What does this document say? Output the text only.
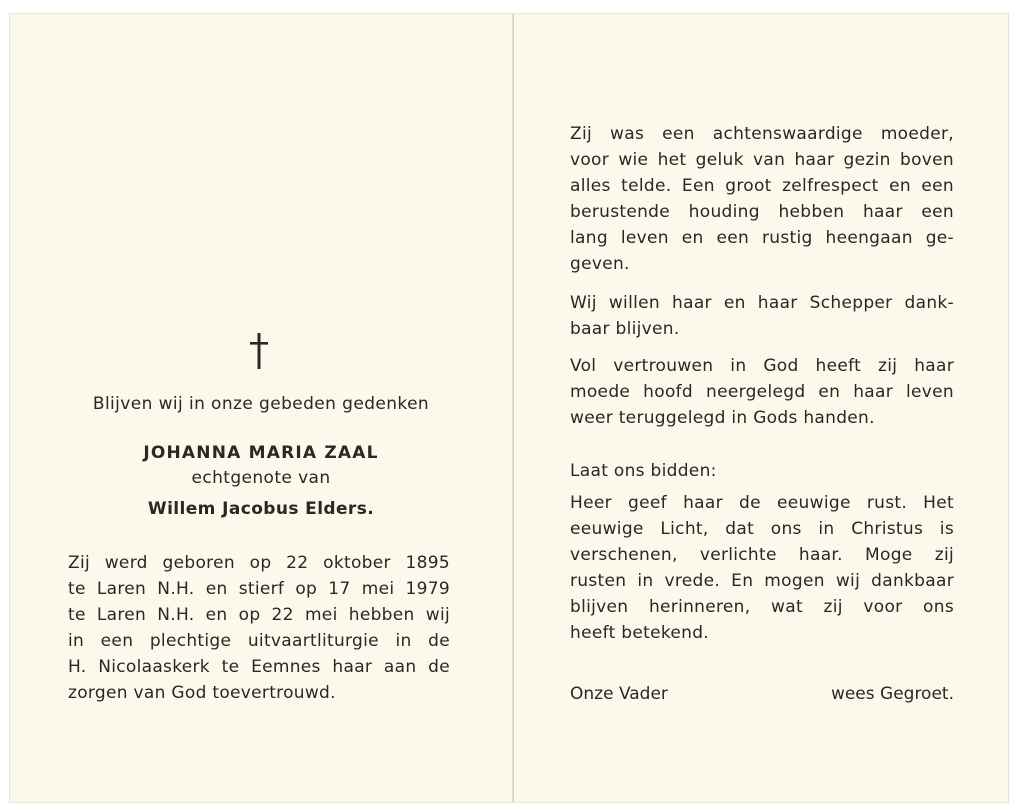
Blijven wij in onze gebeden gedenken
JOHANNA MARIA ZAAL
echtgenote van
Willem Jacobus Elders.
Zij werd geboren op 22 oktober 1895
te Laren N.H. en stierf op 17 mei 1979
te Laren N.H. en op 22 mei hebben wij
in een plechtige uitvaartliturgie in de
H. Nicolaaskerk te Eemnes haar aan de
zorgen van God toevertrouwd.
Zij was een achtenswaardige moeder,
voor wie het geluk van haar gezin boven
alles telde. Een groot zelfrespect en een
berustende houding hebben haar een
lang leven en een rustig heengaan ge-
geven.
Wij willen haar en haar Schepper dank-
baar blijven.
Vol vertrouwen in God heeft zij haar
moede hoofd neergelegd en haar leven
weer teruggelegd in Gods handen.
Laat ons bidden:
Heer geef haar de eeuwige rust. Het
eeuwige Licht, dat ons in Christus is
verschenen, verlichte haar. Moge zij
rusten in vrede. En mogen wij dankbaar
blijven herinneren, wat zij voor ons
heeft betekend.
Onze Vader	wees Gegroet.
